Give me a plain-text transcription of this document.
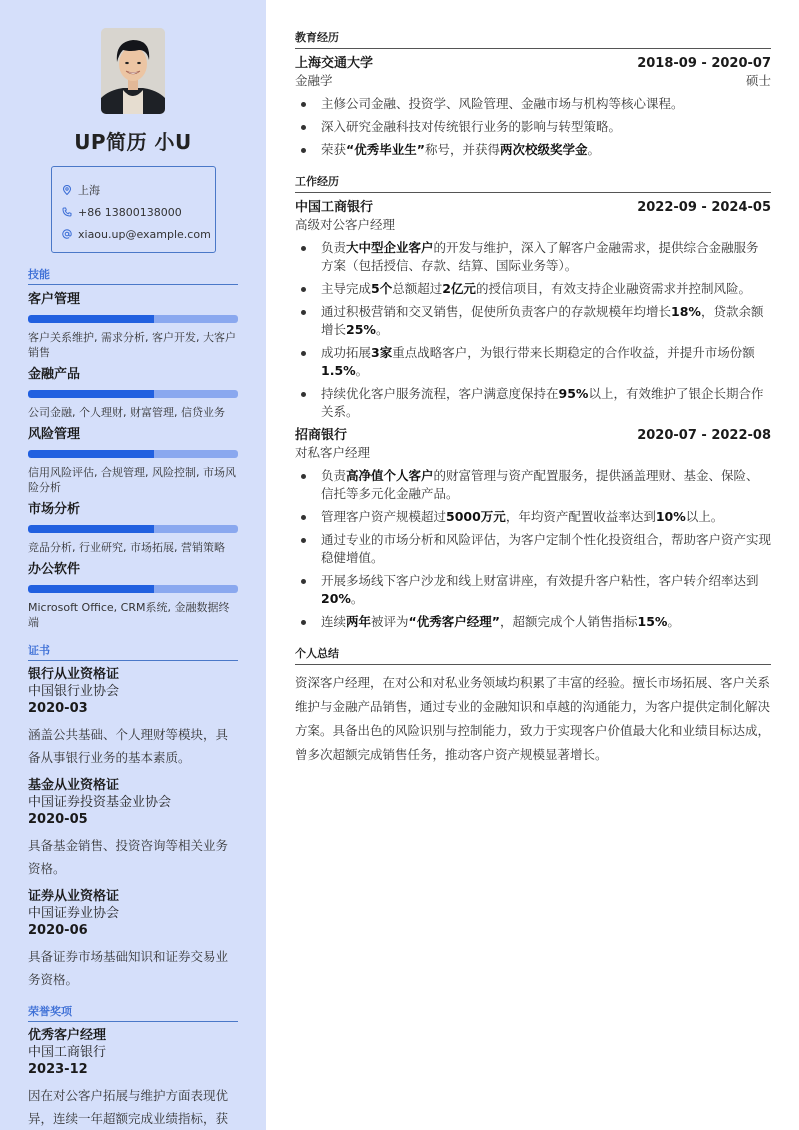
UP简历 小U
上海
+86 13800138000
xiaou.up@example.com
技能
客户管理
客户关系维护, 需求分析, 客户开发, 大客户销售
金融产品
公司金融, 个人理财, 财富管理, 信贷业务
风险管理
信用风险评估, 合规管理, 风险控制, 市场风险分析
市场分析
竞品分析, 行业研究, 市场拓展, 营销策略
办公软件
Microsoft Office, CRM系统, 金融数据终端
证书
银行从业资格证
中国银行业协会
2020-03
涵盖公共基础、个人理财等模块，具备从事银行业务的基本素质。
基金从业资格证
中国证券投资基金业协会
2020-05
具备基金销售、投资咨询等相关业务资格。
证券从业资格证
中国证券业协会
2020-06
具备证券市场基础知识和证券交易业务资格。
荣誉奖项
优秀客户经理
中国工商银行
2023-12
因在对公客户拓展与维护方面表现优异，连续一年超额完成业绩指标，获
教育经历
上海交通大学	2018-09 - 2020-07
金融学	硕士
主修公司金融、投资学、风险管理、金融市场与机构等核心课程。
深入研究金融科技对传统银行业务的影响与转型策略。
荣获“优秀毕业生”称号，并获得两次校级奖学金。
工作经历
中国工商银行	2022-09 - 2024-05
高级对公客户经理
负责大中型企业客户的开发与维护，深入了解客户金融需求，提供综合金融服务方案（包括授信、存款、结算、国际业务等）。
主导完成5个总额超过2亿元的授信项目，有效支持企业融资需求并控制风险。
通过积极营销和交叉销售，促使所负责客户的存款规模年均增长18%，贷款余额增长25%。
成功拓展3家重点战略客户，为银行带来长期稳定的合作收益，并提升市场份额1.5%。
持续优化客户服务流程，客户满意度保持在95%以上，有效维护了银企长期合作关系。
招商银行	2020-07 - 2022-08
对私客户经理
负责高净值个人客户的财富管理与资产配置服务，提供涵盖理财、基金、保险、信托等多元化金融产品。
管理客户资产规模超过5000万元，年均资产配置收益率达到10%以上。
通过专业的市场分析和风险评估，为客户定制个性化投资组合，帮助客户资产实现稳健增值。
开展多场线下客户沙龙和线上财富讲座，有效提升客户粘性，客户转介绍率达到20%。
连续两年被评为“优秀客户经理”，超额完成个人销售指标15%。
个人总结
资深客户经理，在对公和对私业务领域均积累了丰富的经验。擅长市场拓展、客户关系维护与金融产品销售，通过专业的金融知识和卓越的沟通能力，为客户提供定制化解决方案。具备出色的风险识别与控制能力，致力于实现客户价值最大化和业绩目标达成，曾多次超额完成销售任务，推动客户资产规模显著增长。
